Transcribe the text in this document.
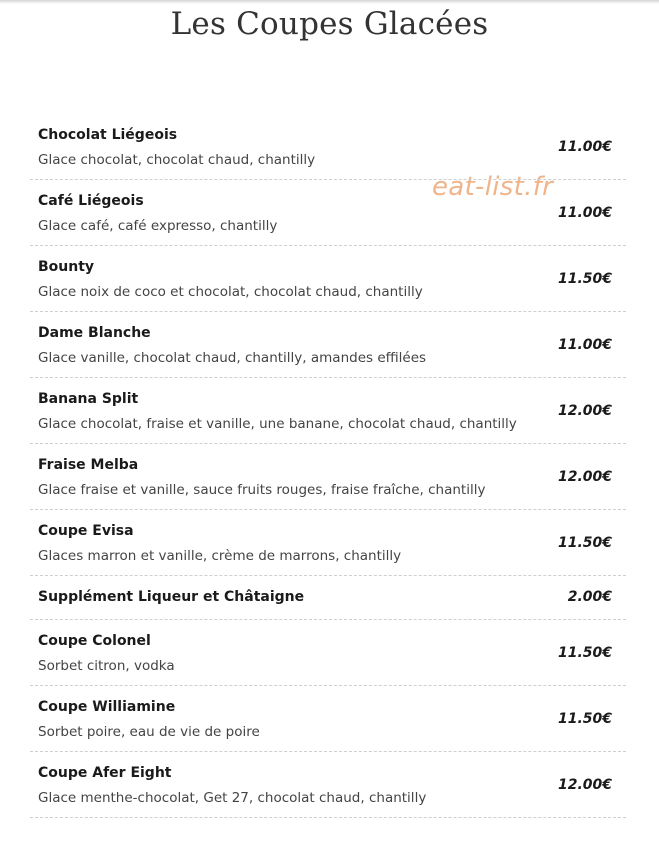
Les Coupes Glacées
eat-list.fr
Chocolat Liégeois
Glace chocolat, chocolat chaud, chantilly
11.00€
Café Liégeois
Glace café, café expresso, chantilly
11.00€
Bounty
Glace noix de coco et chocolat, chocolat chaud, chantilly
11.50€
Dame Blanche
Glace vanille, chocolat chaud, chantilly, amandes effilées
11.00€
Banana Split
Glace chocolat, fraise et vanille, une banane, chocolat chaud, chantilly
12.00€
Fraise Melba
Glace fraise et vanille, sauce fruits rouges, fraise fraîche, chantilly
12.00€
Coupe Evisa
Glaces marron et vanille, crème de marrons, chantilly
11.50€
Supplément Liqueur et Châtaigne	2.00€
Coupe Colonel
Sorbet citron, vodka
11.50€
Coupe Williamine
Sorbet poire, eau de vie de poire
11.50€
Coupe Afer Eight
Glace menthe-chocolat, Get 27, chocolat chaud, chantilly
12.00€
